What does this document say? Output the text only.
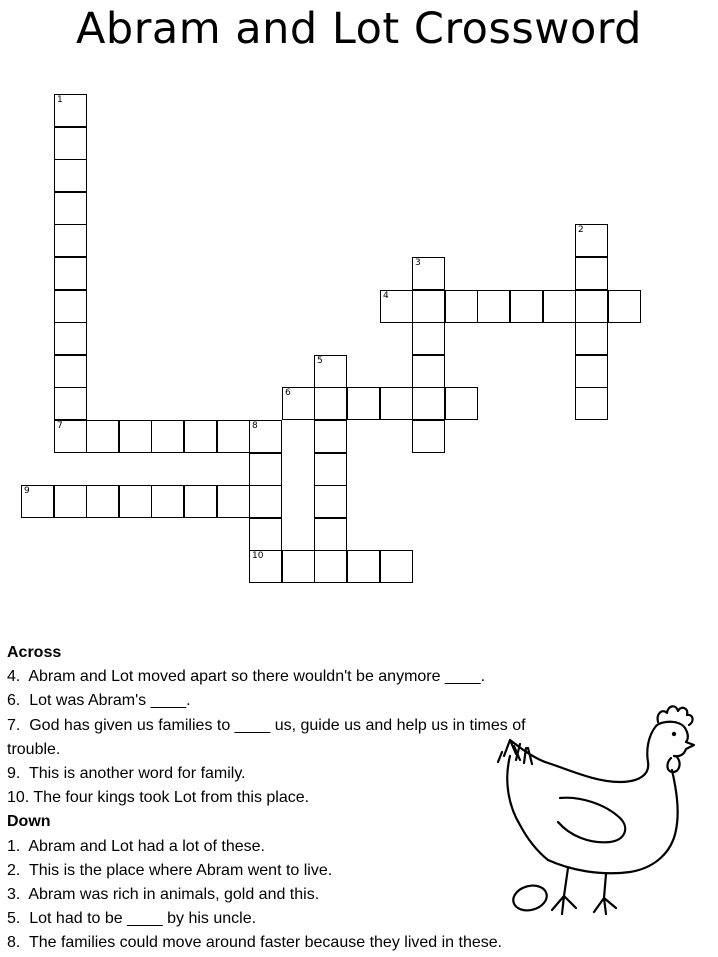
Abram and Lot Crossword
1
2
3
4
5
6
7	8
9
10
Across
4.  Abram and Lot moved apart so there wouldn't be anymore ____.
6.  Lot was Abram's ____.
7.  God has given us families to ____ us, guide us and help us in times of
trouble.
9.  This is another word for family.
10. The four kings took Lot from this place.
Down
1.  Abram and Lot had a lot of these.
2.  This is the place where Abram went to live.
3.  Abram was rich in animals, gold and this.
5.  Lot had to be ____ by his uncle.
8.  The families could move around faster because they lived in these.
